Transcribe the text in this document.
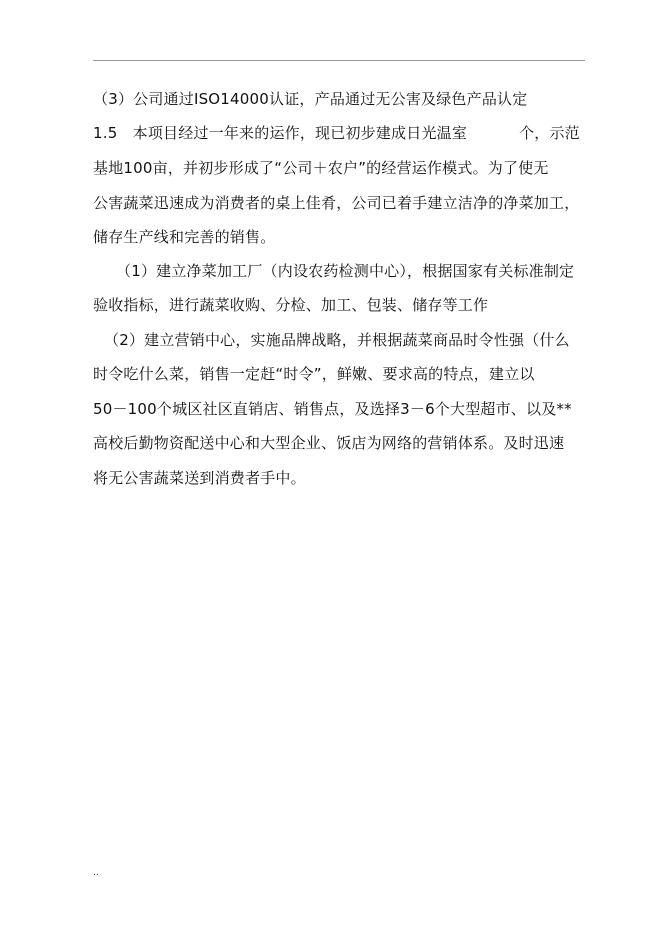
（3）公司通过ISO14000认证，产品通过无公害及绿色产品认定
1.5　本项目经过一年来的运作，现已初步建成日光温室	个，示范
基地100亩，并初步形成了“公司＋农户”的经营运作模式。为了使无
公害蔬菜迅速成为消费者的桌上佳肴，公司已着手建立洁净的净菜加工，
储存生产线和完善的销售。
（1）建立净菜加工厂（内设农药检测中心），根据国家有关标准制定
验收指标，进行蔬菜收购、分检、加工、包装、储存等工作
（2）建立营销中心，实施品牌战略，并根据蔬菜商品时令性强（什么
时令吃什么菜，销售一定赶“时令”，鲜嫩、要求高的特点，建立以
50－100个城区社区直销店、销售点，及选择3－6个大型超市、以及**
高校后勤物资配送中心和大型企业、饭店为网络的营销体系。及时迅速
将无公害蔬菜送到消费者手中。
..
